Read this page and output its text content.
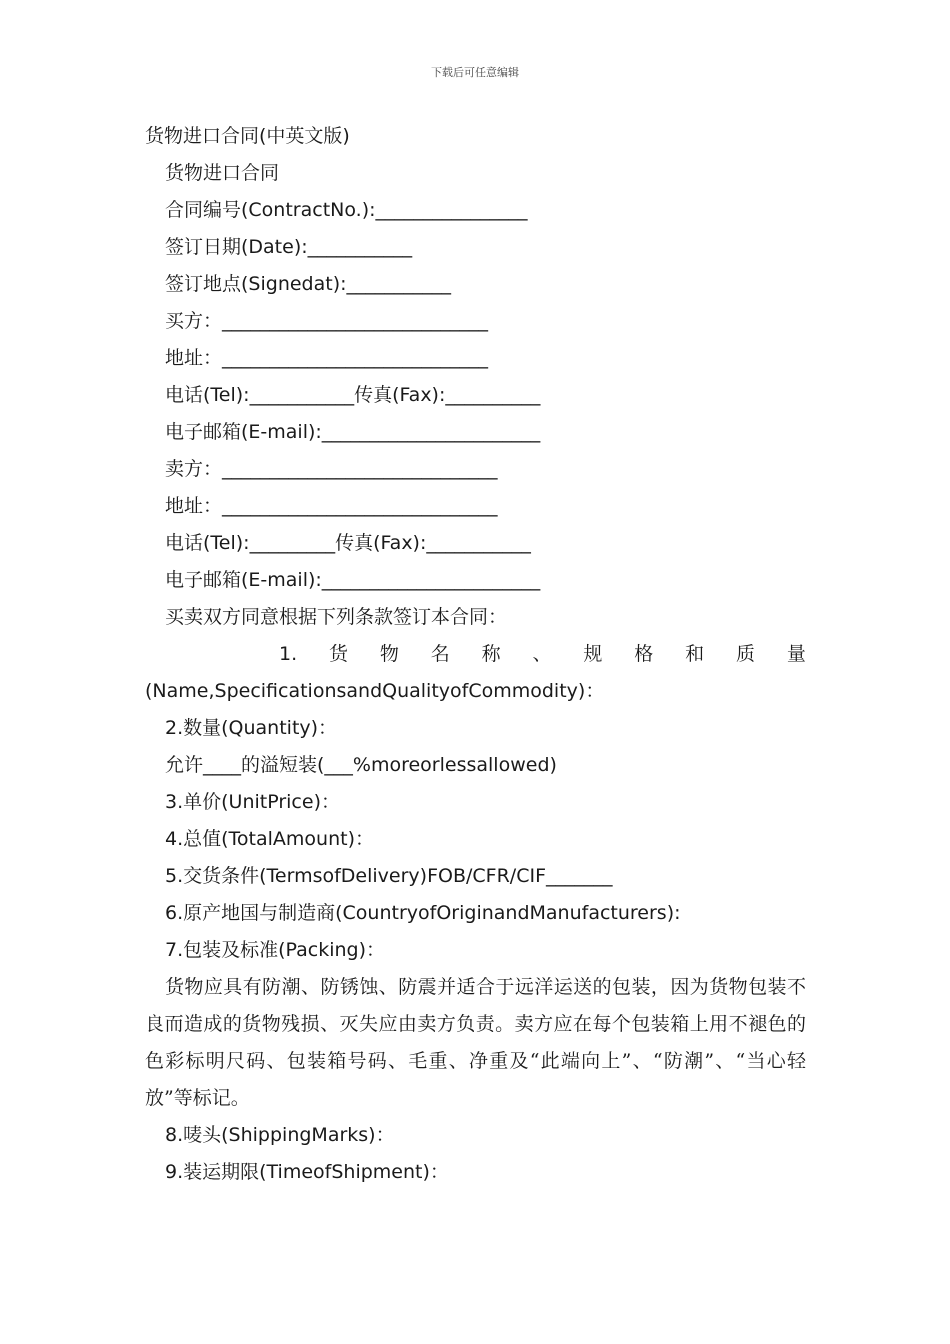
下载后可任意编辑
货物进口合同(中英文版)
货物进口合同
合同编号(ContractNo.):________________
签订日期(Date):___________
签订地点(Signedat):___________
买方：____________________________
地址：____________________________
电话(Tel):___________传真(Fax):__________
电子邮箱(E-mail):_______________________
卖方：_____________________________
地址：_____________________________
电话(Tel):_________传真(Fax):___________
电子邮箱(E-mail):_______________________
买卖双方同意根据下列条款签订本合同：
1. 货 物 名 称 、 规 格 和 质 量
(Name,SpecificationsandQualityofCommodity)：
2.数量(Quantity)：
允许____的溢短装(___%moreorlessallowed)
3.单价(UnitPrice)：
4.总值(TotalAmount)：
5.交货条件(TermsofDelivery)FOB/CFR/CIF_______
6.原产地国与制造商(CountryofOriginandManufacturers):
7.包装及标准(Packing)：

货物应具有防潮、防锈蚀、防震并适合于远洋运送的包装，因为货物包装不良而造成的货物残损、灭失应由卖方负责。卖方应在每个包装箱上用不褪色的色彩标明尺码、包装箱号码、毛重、净重及“此端向上”、“防潮”、“当心轻放”等标记。

8.唛头(ShippingMarks)：
9.装运期限(TimeofShipment)：
